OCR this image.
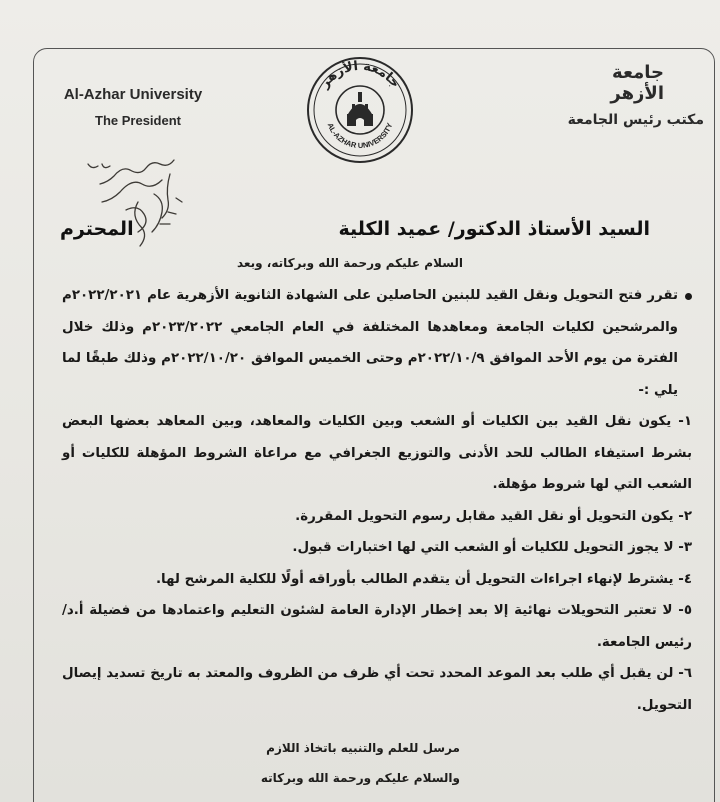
Al-Azhar University
The President
جامعة الأزهر
مكتب رئيس الجامعة
جامعة الأزهر
AL-AZHAR UNIVERSITY
السيد الأستاذ الدكتور/ عميد الكلية
المحترم
السلام عليكم ورحمة الله وبركاته، وبعد
تقرر فتح التحويل ونقل القيد للبنين الحاصلين على الشهادة الثانوية الأزهرية عام ٢٠٢٢/٢٠٢١م والمرشحين لكليات الجامعة ومعاهدها المختلفة في العام الجامعي ٢٠٢٣/٢٠٢٢م وذلك خلال الفترة من يوم الأحد الموافق ٢٠٢٢/١٠/٩م وحتى الخميس الموافق ٢٠٢٢/١٠/٢٠م وذلك طبقًا لما يلي :-
١- يكون نقل القيد بين الكليات أو الشعب وبين الكليات والمعاهد، وبين المعاهد بعضها البعض بشرط استيفاء الطالب للحد الأدنى والتوزيع الجغرافي مع مراعاة الشروط المؤهلة للكليات أو الشعب التي لها شروط مؤهلة.
٢- يكون التحويل أو نقل القيد مقابل رسوم التحويل المقررة.
٣- لا يجوز التحويل للكليات أو الشعب التي لها اختبارات قبول.
٤- يشترط لإنهاء اجراءات التحويل أن يتقدم الطالب بأوراقه أولًا للكلية المرشح لها.
٥- لا تعتبر التحويلات نهائية إلا بعد إخطار الإدارة العامة لشئون التعليم واعتمادها من فضيلة أ.د/ رئيس الجامعة.
٦- لن يقبل أي طلب بعد الموعد المحدد تحت أي ظرف من الظروف والمعتد به تاريخ تسديد إيصال التحويل.
مرسل للعلم والتنبيه باتخاذ اللازم
والسلام عليكم ورحمة الله وبركاته
